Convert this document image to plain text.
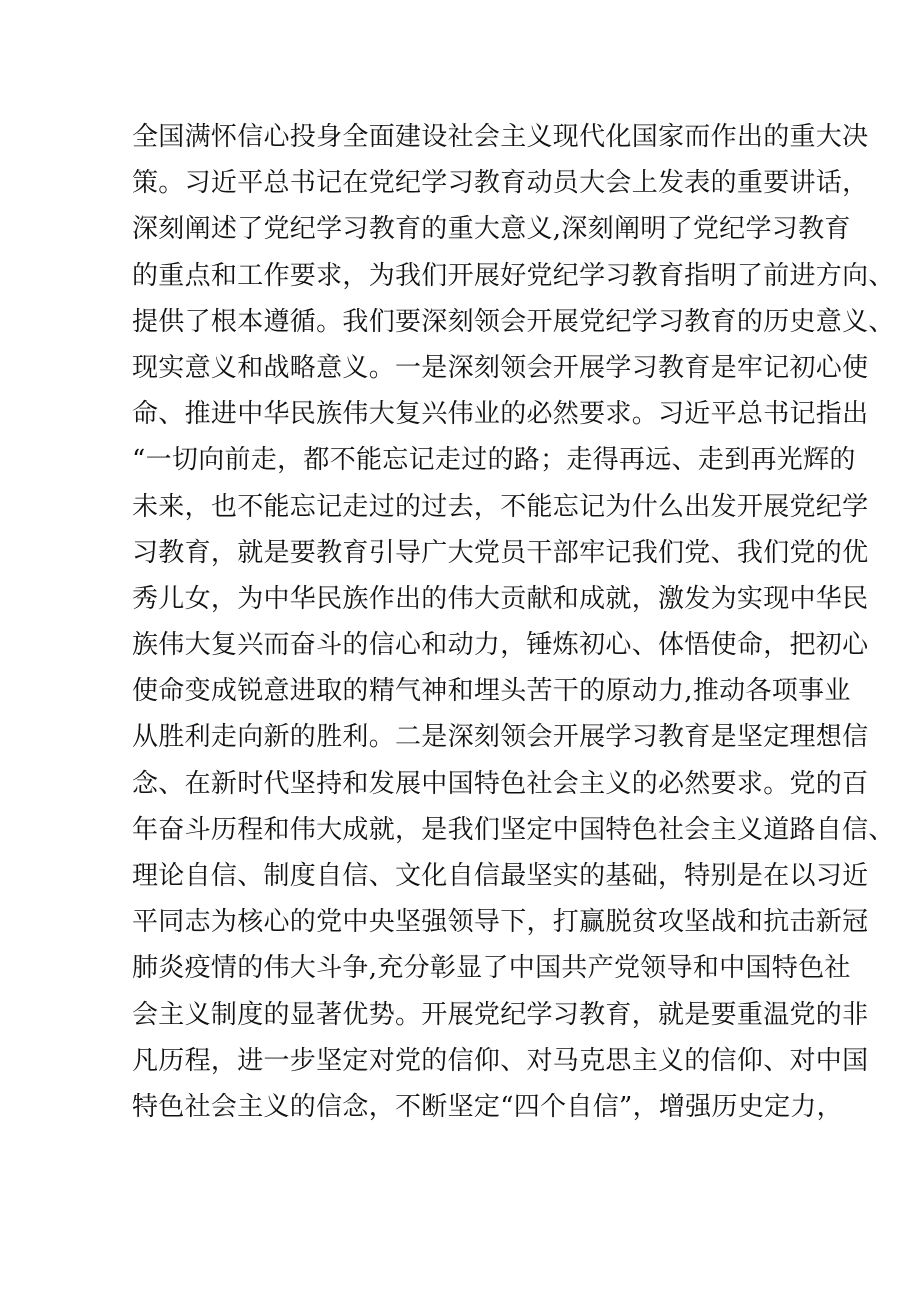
全国满怀信心投身全面建设社会主义现代化国家而作出的重大决
策。习近平总书记在党纪学习教育动员大会上发表的重要讲话，
深刻阐述了党纪学习教育的重大意义,深刻阐明了党纪学习教育
的重点和工作要求，为我们开展好党纪学习教育指明了前进方向、
提供了根本遵循。我们要深刻领会开展党纪学习教育的历史意义、
现实意义和战略意义。一是深刻领会开展学习教育是牢记初心使
命、推进中华民族伟大复兴伟业的必然要求。习近平总书记指出
“一切向前走，都不能忘记走过的路；走得再远、走到再光辉的
未来，也不能忘记走过的过去，不能忘记为什么出发开展党纪学
习教育，就是要教育引导广大党员干部牢记我们党、我们党的优
秀儿女，为中华民族作出的伟大贡献和成就，激发为实现中华民
族伟大复兴而奋斗的信心和动力，锤炼初心、体悟使命，把初心
使命变成锐意进取的精气神和埋头苦干的原动力,推动各项事业
从胜利走向新的胜利。二是深刻领会开展学习教育是坚定理想信
念、在新时代坚持和发展中国特色社会主义的必然要求。党的百
年奋斗历程和伟大成就，是我们坚定中国特色社会主义道路自信、
理论自信、制度自信、文化自信最坚实的基础，特别是在以习近
平同志为核心的党中央坚强领导下，打赢脱贫攻坚战和抗击新冠
肺炎疫情的伟大斗争,充分彰显了中国共产党领导和中国特色社
会主义制度的显著优势。开展党纪学习教育，就是要重温党的非
凡历程，进一步坚定对党的信仰、对马克思主义的信仰、对中国
特色社会主义的信念，不断坚定“四个自信”，增强历史定力，
